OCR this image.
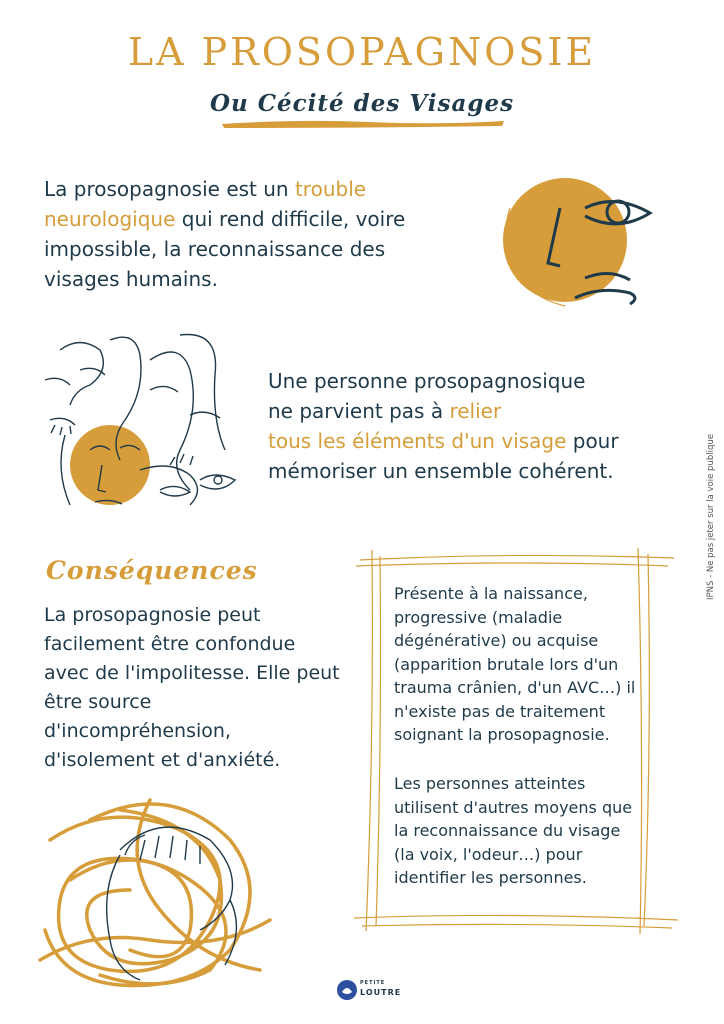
LA PROSOPAGNOSIE
Ou Cécité des Visages
La prosopagnosie est un trouble neurologique qui rend difficile, voire impossible, la reconnaissance des visages humains.
Une personne prosopagnosique
ne parvient pas à relier
tous les éléments d'un visage pour
mémoriser un ensemble cohérent.
Conséquences
La prosopagnosie peut facilement être confondue avec de l'impolitesse. Elle peut être source d'incompréhension, d'isolement et d'anxiété.
Présente à la naissance, progressive (maladie dégénérative) ou acquise (apparition brutale lors d'un trauma crânien, d'un AVC…) il n'existe pas de traitement soignant la prosopagnosie.
Les personnes atteintes utilisent d'autres moyens que la reconnaissance du visage (la voix, l'odeur…) pour identifier les personnes.
IPNS - Ne pas jeter sur la voie publique
PETITE
LOUTRE
